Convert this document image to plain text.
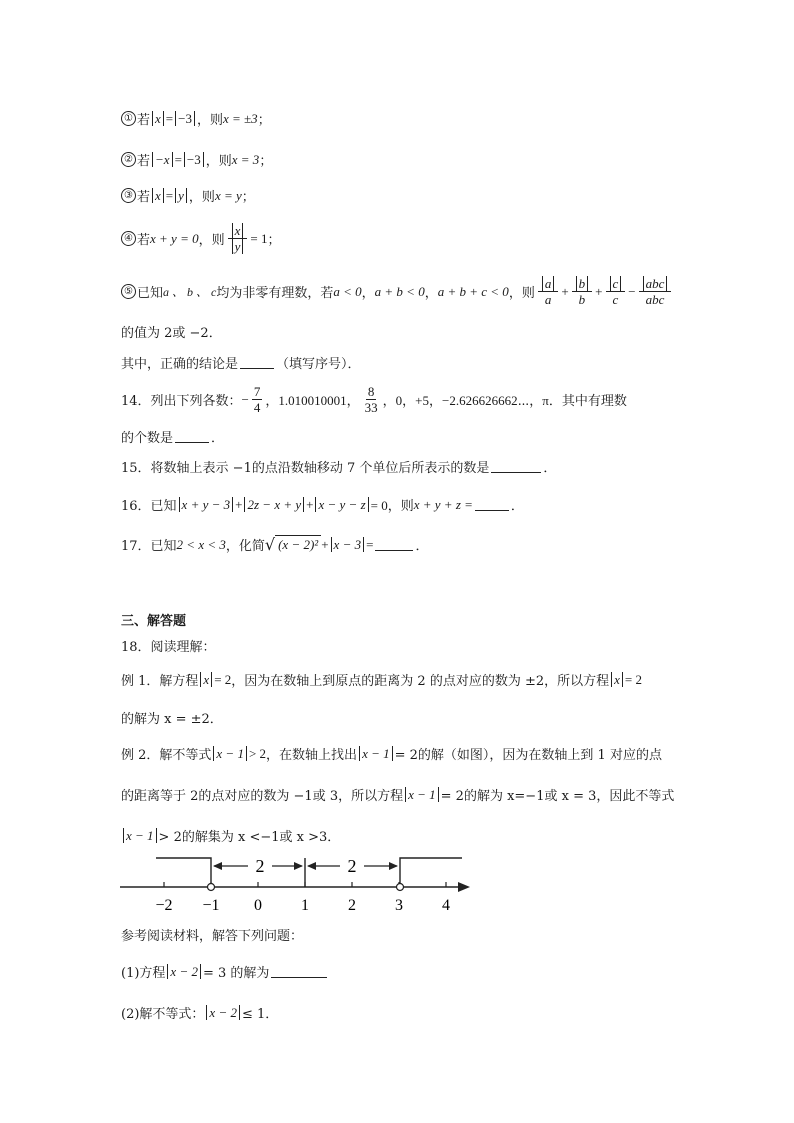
① 若 x = −3 ，则 x = ±3 ；
② 若 −x = −3 ，则 x = 3 ；
③ 若 x = y ，则 x = y ；
④ 若 x + y = 0 ，则 $\frac{x}{y} = 1$ ；
⑤ 已知 a 、 b 、 c 均为非零有理数，若 a < 0 ， a + b < 0 ， a + b + c < 0 ，则 $\frac{a}{a} + \frac{b}{b} + \frac{c}{c} - \frac{\text{abc}}{\text{abc}}$
的值为 2或 −2．
其中，正确的结论是	（填写序号）．
14．列出下列各数： − $\frac{7}{4}$ ，1.010010001， $\frac{8}{33}$ ，0，+5，−2.626626662⋯，π．其中有理数
的个数是	．
15．将数轴上表示 −1的点沿数轴移动 7 个单位后所表示的数是	．
16．已知 x + y − 3 + 2z − x + y + x − y − z = 0，则 x + y + z =	．
17．已知 2 < x < 3 ，化简 √ (x − 2)² + x − 3 =	．
三、解答题
18．阅读理解：
例 1．解方程 x = 2 ，因为在数轴上到原点的距离为 2 的点对应的数为 ±2，所以方程 x = 2
的解为 x = ±2．
例 2．解不等式 x − 1 > 2 ，在数轴上找出 x − 1 = 2的解（如图），因为在数轴上到 1 对应的点
的距离等于 2的点对应的数为 −1或 3，所以方程 x − 1 = 2的解为 x=−1或 x = 3，因此不等式
x − 1 > 2的解集为 x <−1或 x >3．
−2 −1 0 1 2 3 4
2	2
参考阅读材料，解答下列问题：
(1)方程 x − 2 = 3 的解为
(2)解不等式： x − 2 ≤ 1．
